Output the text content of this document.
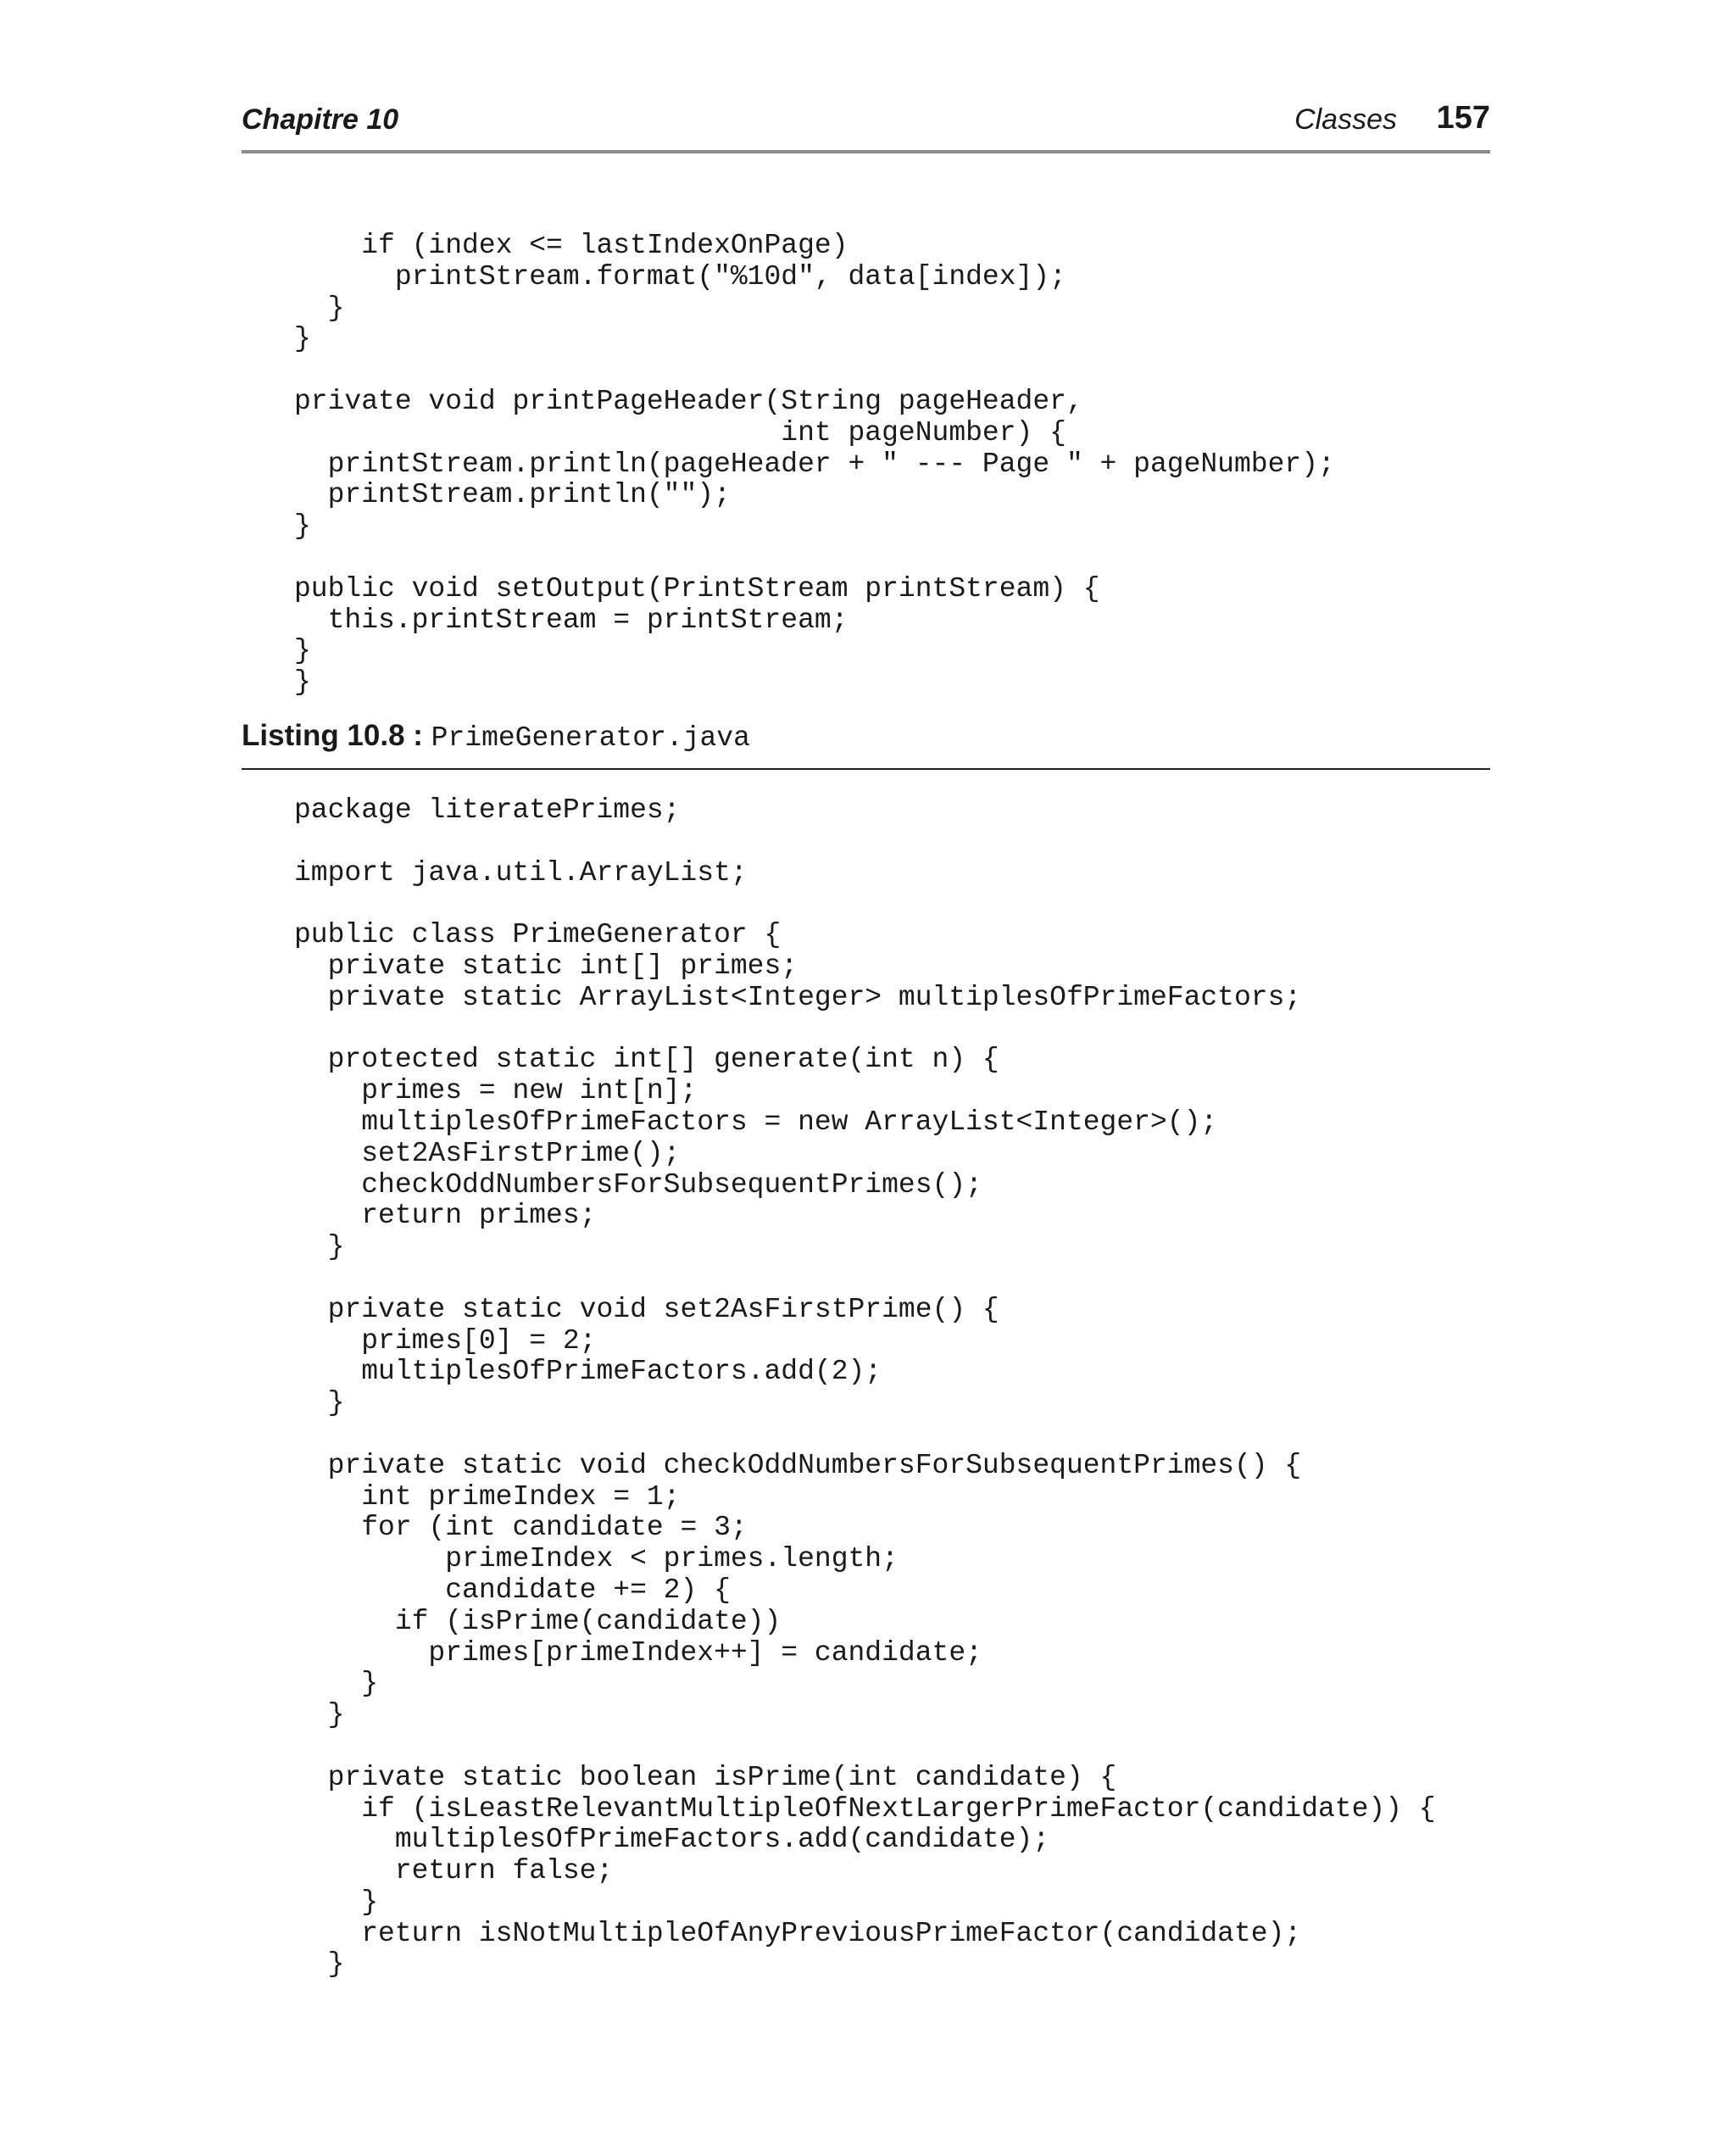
Chapitre 10	Classes 157
if (index <= lastIndexOnPage)
printStream.format("%10d", data[index]);
}
}

private void printPageHeader(String pageHeader,
int pageNumber) {
printStream.println(pageHeader + " --- Page " + pageNumber);
printStream.println("");
}

public void setOutput(PrintStream printStream) {
this.printStream = printStream;
}
}
Listing 10.8 : PrimeGenerator.java
package literatePrimes;

import java.util.ArrayList;

public class PrimeGenerator {
private static int[] primes;
private static ArrayList<Integer> multiplesOfPrimeFactors;

protected static int[] generate(int n) {
primes = new int[n];
multiplesOfPrimeFactors = new ArrayList<Integer>();
set2AsFirstPrime();
checkOddNumbersForSubsequentPrimes();
return primes;
}

private static void set2AsFirstPrime() {
primes[0] = 2;
multiplesOfPrimeFactors.add(2);
}

private static void checkOddNumbersForSubsequentPrimes() {
int primeIndex = 1;
for (int candidate = 3;
primeIndex < primes.length;
candidate += 2) {
if (isPrime(candidate))
primes[primeIndex++] = candidate;
}
}

private static boolean isPrime(int candidate) {
if (isLeastRelevantMultipleOfNextLargerPrimeFactor(candidate)) {
multiplesOfPrimeFactors.add(candidate);
return false;
}
return isNotMultipleOfAnyPreviousPrimeFactor(candidate);
}
